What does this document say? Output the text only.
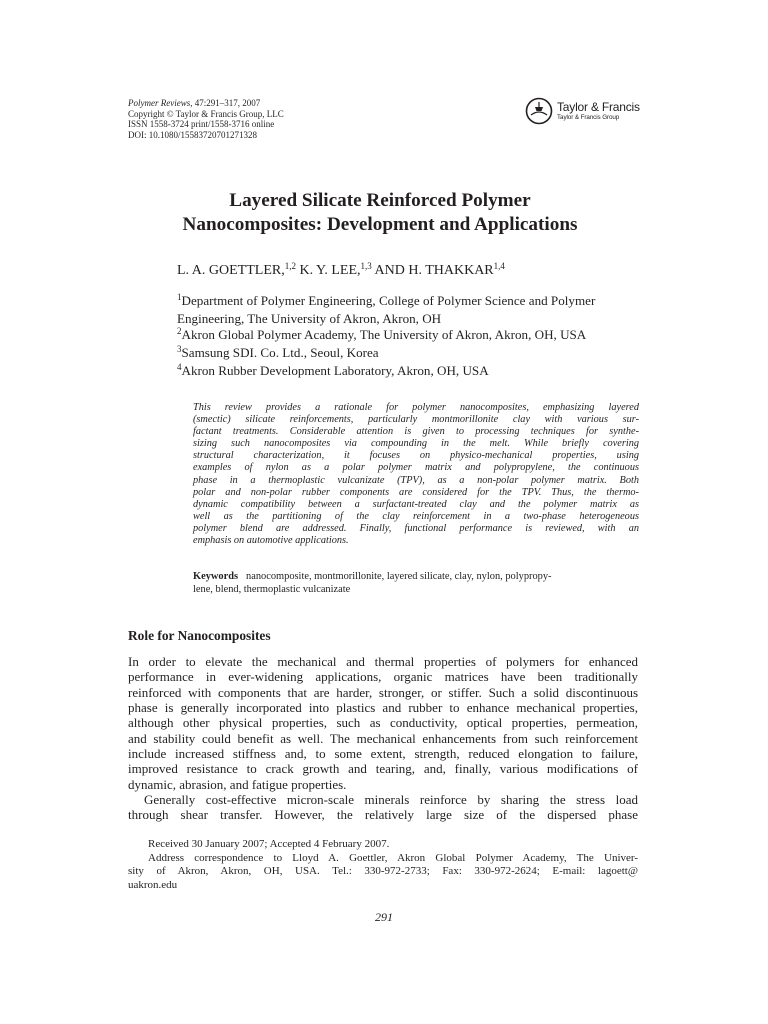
Polymer Reviews, 47:291–317, 2007
Copyright © Taylor & Francis Group, LLC
ISSN 1558-3724 print/1558-3716 online
DOI: 10.1080/15583720701271328
Taylor & Francis
Taylor & Francis Group
Layered Silicate Reinforced Polymer
Nanocomposites: Development and Applications
L. A. GOETTLER,$^{1,2}$ K. Y. LEE,$^{1,3}$ AND H. THAKKAR$^{1,4}$
$^1$Department of Polymer Engineering, College of Polymer Science and Polymer
Engineering, The University of Akron, Akron, OH
$^2$Akron Global Polymer Academy, The University of Akron, Akron, OH, USA
$^3$Samsung SDI. Co. Ltd., Seoul, Korea
$^4$Akron Rubber Development Laboratory, Akron, OH, USA
This review provides a rationale for polymer nanocomposites, emphasizing layered
(smectic) silicate reinforcements, particularly montmorillonite clay with various sur-
factant treatments. Considerable attention is given to processing techniques for synthe-
sizing such nanocomposites via compounding in the melt. While briefly covering
structural characterization, it focuses on physico-mechanical properties, using
examples of nylon as a polar polymer matrix and polypropylene, the continuous
phase in a thermoplastic vulcanizate (TPV), as a non-polar polymer matrix. Both
polar and non-polar rubber components are considered for the TPV. Thus, the thermo-
dynamic compatibility between a surfactant-treated clay and the polymer matrix as
well as the partitioning of the clay reinforcement in a two-phase heterogeneous
polymer blend are addressed. Finally, functional performance is reviewed, with an
emphasis on automotive applications.
Keywords nanocomposite, montmorillonite, layered silicate, clay, nylon, polypropy-
lene, blend, thermoplastic vulcanizate
Role for Nanocomposites
In order to elevate the mechanical and thermal properties of polymers for enhanced
performance in ever-widening applications, organic matrices have been traditionally
reinforced with components that are harder, stronger, or stiffer. Such a solid discontinuous
phase is generally incorporated into plastics and rubber to enhance mechanical properties,
although other physical properties, such as conductivity, optical properties, permeation,
and stability could benefit as well. The mechanical enhancements from such reinforcement
include increased stiffness and, to some extent, strength, reduced elongation to failure,
improved resistance to crack growth and tearing, and, finally, various modifications of
dynamic, abrasion, and fatigue properties.
Generally cost-effective micron-scale minerals reinforce by sharing the stress load
through shear transfer. However, the relatively large size of the dispersed phase
Received 30 January 2007; Accepted 4 February 2007.
Address correspondence to Lloyd A. Goettler, Akron Global Polymer Academy, The Univer-
sity of Akron, Akron, OH, USA. Tel.: 330-972-2733; Fax: 330-972-2624; E-mail: lagoett@
uakron.edu
291
